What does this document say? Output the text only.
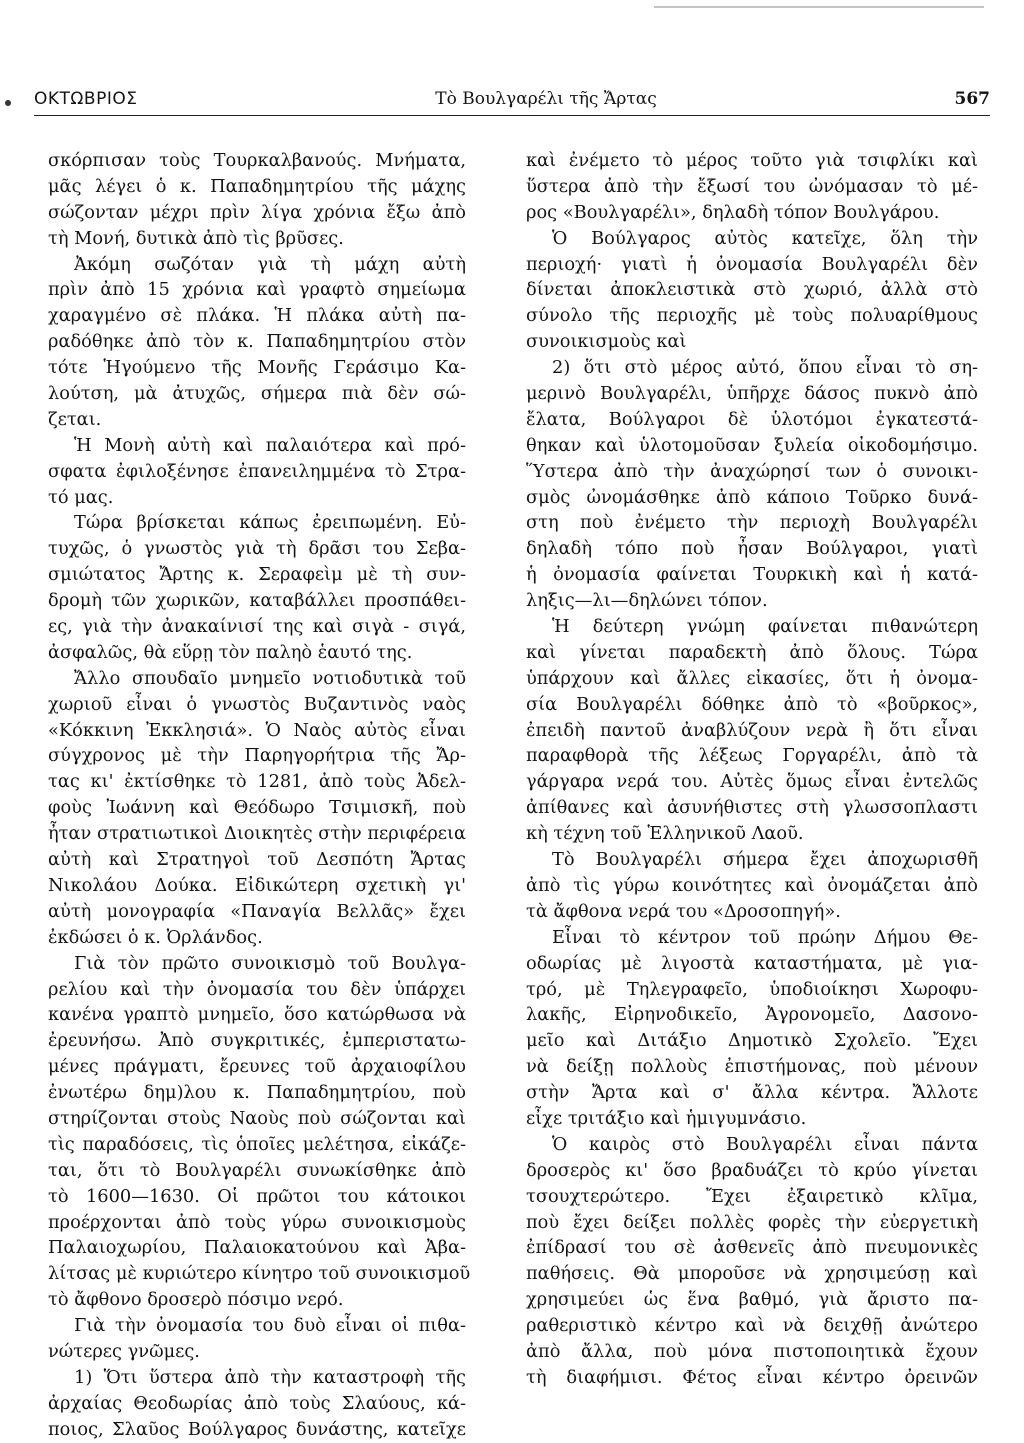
ΟΚΤΩΒΡΙΟΣ	Τὸ Βουλγαρέλι τῆς Ἄρτας	567
σκόρπισαν τοὺς Τουρκαλβανούς. Μνήματα,
μᾶς λέγει ὁ κ. Παπαδημητρίου τῆς μάχης
σώζονταν μέχρι πρὶν λίγα χρόνια ἔξω ἀπὸ
τὴ Μονή, δυτικὰ ἀπὸ τὶς βρῦσες.
Ἀκόμη σωζόταν γιὰ τὴ μάχη αὐτὴ
πρὶν ἀπὸ 15 χρόνια καὶ γραφτὸ σημείωμα
χαραγμένο σὲ πλάκα. Ἡ πλάκα αὐτὴ πα-
ραδόθηκε ἀπὸ τὸν κ. Παπαδημητρίου στὸν
τότε Ἡγούμενο τῆς Μονῆς Γεράσιμο Κα-
λούτση, μὰ ἀτυχῶς, σήμερα πιὰ δὲν σώ-
ζεται.
Ἡ Μονὴ αὐτὴ καὶ παλαιότερα καὶ πρό-
σφατα ἐφιλοξένησε ἐπανειλημμένα τὸ Στρα-
τό μας.
Τώρα βρίσκεται κάπως ἐρειπωμένη. Εὐ-
τυχῶς, ὁ γνωστὸς γιὰ τὴ δρᾶσι του Σεβα-
σμιώτατος Ἄρτης κ. Σεραφεὶμ μὲ τὴ συν-
δρομὴ τῶν χωρικῶν, καταβάλλει προσπάθει-
ες, γιὰ τὴν ἀνακαίνισί της καὶ σιγὰ - σιγά,
ἀσφαλῶς, θὰ εὕρῃ τὸν παληὸ ἑαυτό της.
Ἄλλο σπουδαῖο μνημεῖο νοτιοδυτικὰ τοῦ
χωριοῦ εἶναι ὁ γνωστὸς Βυζαντινὸς ναὸς
«Κόκκινη Ἐκκλησιά». Ὁ Ναὸς αὐτὸς εἶναι
σύγχρονος μὲ τὴν Παρηγορήτρια τῆς Ἄρ-
τας κι' ἐκτίσθηκε τὸ 1281, ἀπὸ τοὺς Ἀδελ-
φοὺς Ἰωάννη καὶ Θεόδωρο Τσιμισκῆ, ποὺ
ἦταν στρατιωτικοὶ Διοικητὲς στὴν περιφέρεια
αὐτὴ καὶ Στρατηγοὶ τοῦ Δεσπότη Ἄρτας
Νικολάου Δούκα. Εἰδικώτερη σχετικὴ γι'
αὐτὴ μονογραφία «Παναγία Βελλᾶς» ἔχει
ἐκδώσει ὁ κ. Ὀρλάνδος.
Γιὰ τὸν πρῶτο συνοικισμὸ τοῦ Βουλγα-
ρελίου καὶ τὴν ὀνομασία του δὲν ὑπάρχει
κανένα γραπτὸ μνημεῖο, ὅσο κατώρθωσα νὰ
ἐρευνήσω. Ἀπὸ συγκριτικές, ἐμπεριστατω-
μένες πράγματι, ἔρευνες τοῦ ἀρχαιοφίλου
ἐνωτέρω δημ)λου κ. Παπαδημητρίου, ποὺ
στηρίζονται στοὺς Ναοὺς ποὺ σώζονται καὶ
τὶς παραδόσεις, τὶς ὁποῖες μελέτησα, εἰκάζε-
ται, ὅτι τὸ Βουλγαρέλι συνωκίσθηκε ἀπὸ
τὸ 1600—1630. Οἱ πρῶτοι του κάτοικοι
προέρχονται ἀπὸ τοὺς γύρω συνοικισμοὺς
Παλαιοχωρίου, Παλαιοκατούνου καὶ Ἀβα-
λίτσας μὲ κυριώτερο κίνητρο τοῦ συνοικισμοῦ
τὸ ἄφθονο δροσερὸ πόσιμο νερό.
Γιὰ τὴν ὀνομασία του δυὸ εἶναι οἱ πιθα-
νώτερες γνῶμες.
1) Ὅτι ὕστερα ἀπὸ τὴν καταστροφὴ τῆς
ἀρχαίας Θεοδωρίας ἀπὸ τοὺς Σλαύους, κά-
ποιος, Σλαῦος Βούλγαρος δυνάστης, κατεῖχε
καὶ ἐνέμετο τὸ μέρος τοῦτο γιὰ τσιφλίκι καὶ
ὕστερα ἀπὸ τὴν ἔξωσί του ὠνόμασαν τὸ μέ-
ρος «Βουλγαρέλι», δηλαδὴ τόπον Βουλγάρου.
Ὁ Βούλγαρος αὐτὸς κατεῖχε, ὅλη τὴν
περιοχή· γιατὶ ἡ ὀνομασία Βουλγαρέλι δὲν
δίνεται ἀποκλειστικὰ στὸ χωριό, ἀλλὰ στὸ
σύνολο τῆς περιοχῆς μὲ τοὺς πολυαρίθμους
συνοικισμοὺς καὶ
2) ὅτι στὸ μέρος αὐτό, ὅπου εἶναι τὸ ση-
μερινὸ Βουλγαρέλι, ὑπῆρχε δάσος πυκνὸ ἀπὸ
ἔλατα, Βούλγαροι δὲ ὑλοτόμοι ἐγκατεστά-
θηκαν καὶ ὑλοτομοῦσαν ξυλεία οἰκοδομήσιμο.
Ὕστερα ἀπὸ τὴν ἀναχώρησί των ὁ συνοικι-
σμὸς ὠνομάσθηκε ἀπὸ κάποιο Τοῦρκο δυνά-
στη ποὺ ἐνέμετο τὴν περιοχὴ Βουλγαρέλι
δηλαδὴ τόπο ποὺ ἦσαν Βούλγαροι, γιατὶ
ἡ ὀνομασία φαίνεται Τουρκικὴ καὶ ἡ κατά-
ληξις—λι—δηλώνει τόπον.
Ἡ δεύτερη γνώμη φαίνεται πιθανώτερη
καὶ γίνεται παραδεκτὴ ἀπὸ ὅλους. Τώρα
ὑπάρχουν καὶ ἄλλες εἰκασίες, ὅτι ἡ ὀνομα-
σία Βουλγαρέλι δόθηκε ἀπὸ τὸ «βοῦρκος»,
ἐπειδὴ παντοῦ ἀναβλύζουν νερὰ ἢ ὅτι εἶναι
παραφθορὰ τῆς λέξεως Γοργαρέλι, ἀπὸ τὰ
γάργαρα νερά του. Αὐτὲς ὅμως εἶναι ἐντελῶς
ἀπίθανες καὶ ἀσυνήθιστες στὴ γλωσσοπλαστι
κὴ τέχνη τοῦ Ἑλληνικοῦ Λαοῦ.
Τὸ Βουλγαρέλι σήμερα ἔχει ἀποχωρισθῆ
ἀπὸ τὶς γύρω κοινότητες καὶ ὀνομάζεται ἀπὸ
τὰ ἄφθονα νερά του «Δροσοπηγή».
Εἶναι τὸ κέντρον τοῦ πρώην Δήμου Θε-
οδωρίας μὲ λιγοστὰ καταστήματα, μὲ για-
τρό, μὲ Τηλεγραφεῖο, ὑποδιοίκησι Χωροφυ-
λακῆς, Εἰρηνοδικεῖο, Ἀγρονομεῖο, Δασονο-
μεῖο καὶ Διτάξιο Δημοτικὸ Σχολεῖο. Ἔχει
νὰ δείξῃ πολλοὺς ἐπιστήμονας, ποὺ μένουν
στὴν Ἄρτα καὶ σ' ἄλλα κέντρα. Ἄλλοτε
εἶχε τριτάξιο καὶ ἡμιγυμνάσιο.
Ὁ καιρὸς στὸ Βουλγαρέλι εἶναι πάντα
δροσερὸς κι' ὅσο βραδυάζει τὸ κρύο γίνεται
τσουχτερώτερο. Ἔχει ἐξαιρετικὸ κλῖμα,
ποὺ ἔχει δείξει πολλὲς φορὲς τὴν εὐεργετικὴ
ἐπίδρασί του σὲ ἀσθενεῖς ἀπὸ πνευμονικὲς
παθήσεις. Θὰ μποροῦσε νὰ χρησιμεύσῃ καὶ
χρησιμεύει ὡς ἕνα βαθμό, γιὰ ἄριστο πα-
ραθεριστικὸ κέντρο καὶ νὰ δειχθῇ ἀνώτερο
ἀπὸ ἄλλα, ποὺ μόνα πιστοποιητικὰ ἔχουν
τὴ διαφήμισι. Φέτος εἶναι κέντρο ὀρεινῶν
